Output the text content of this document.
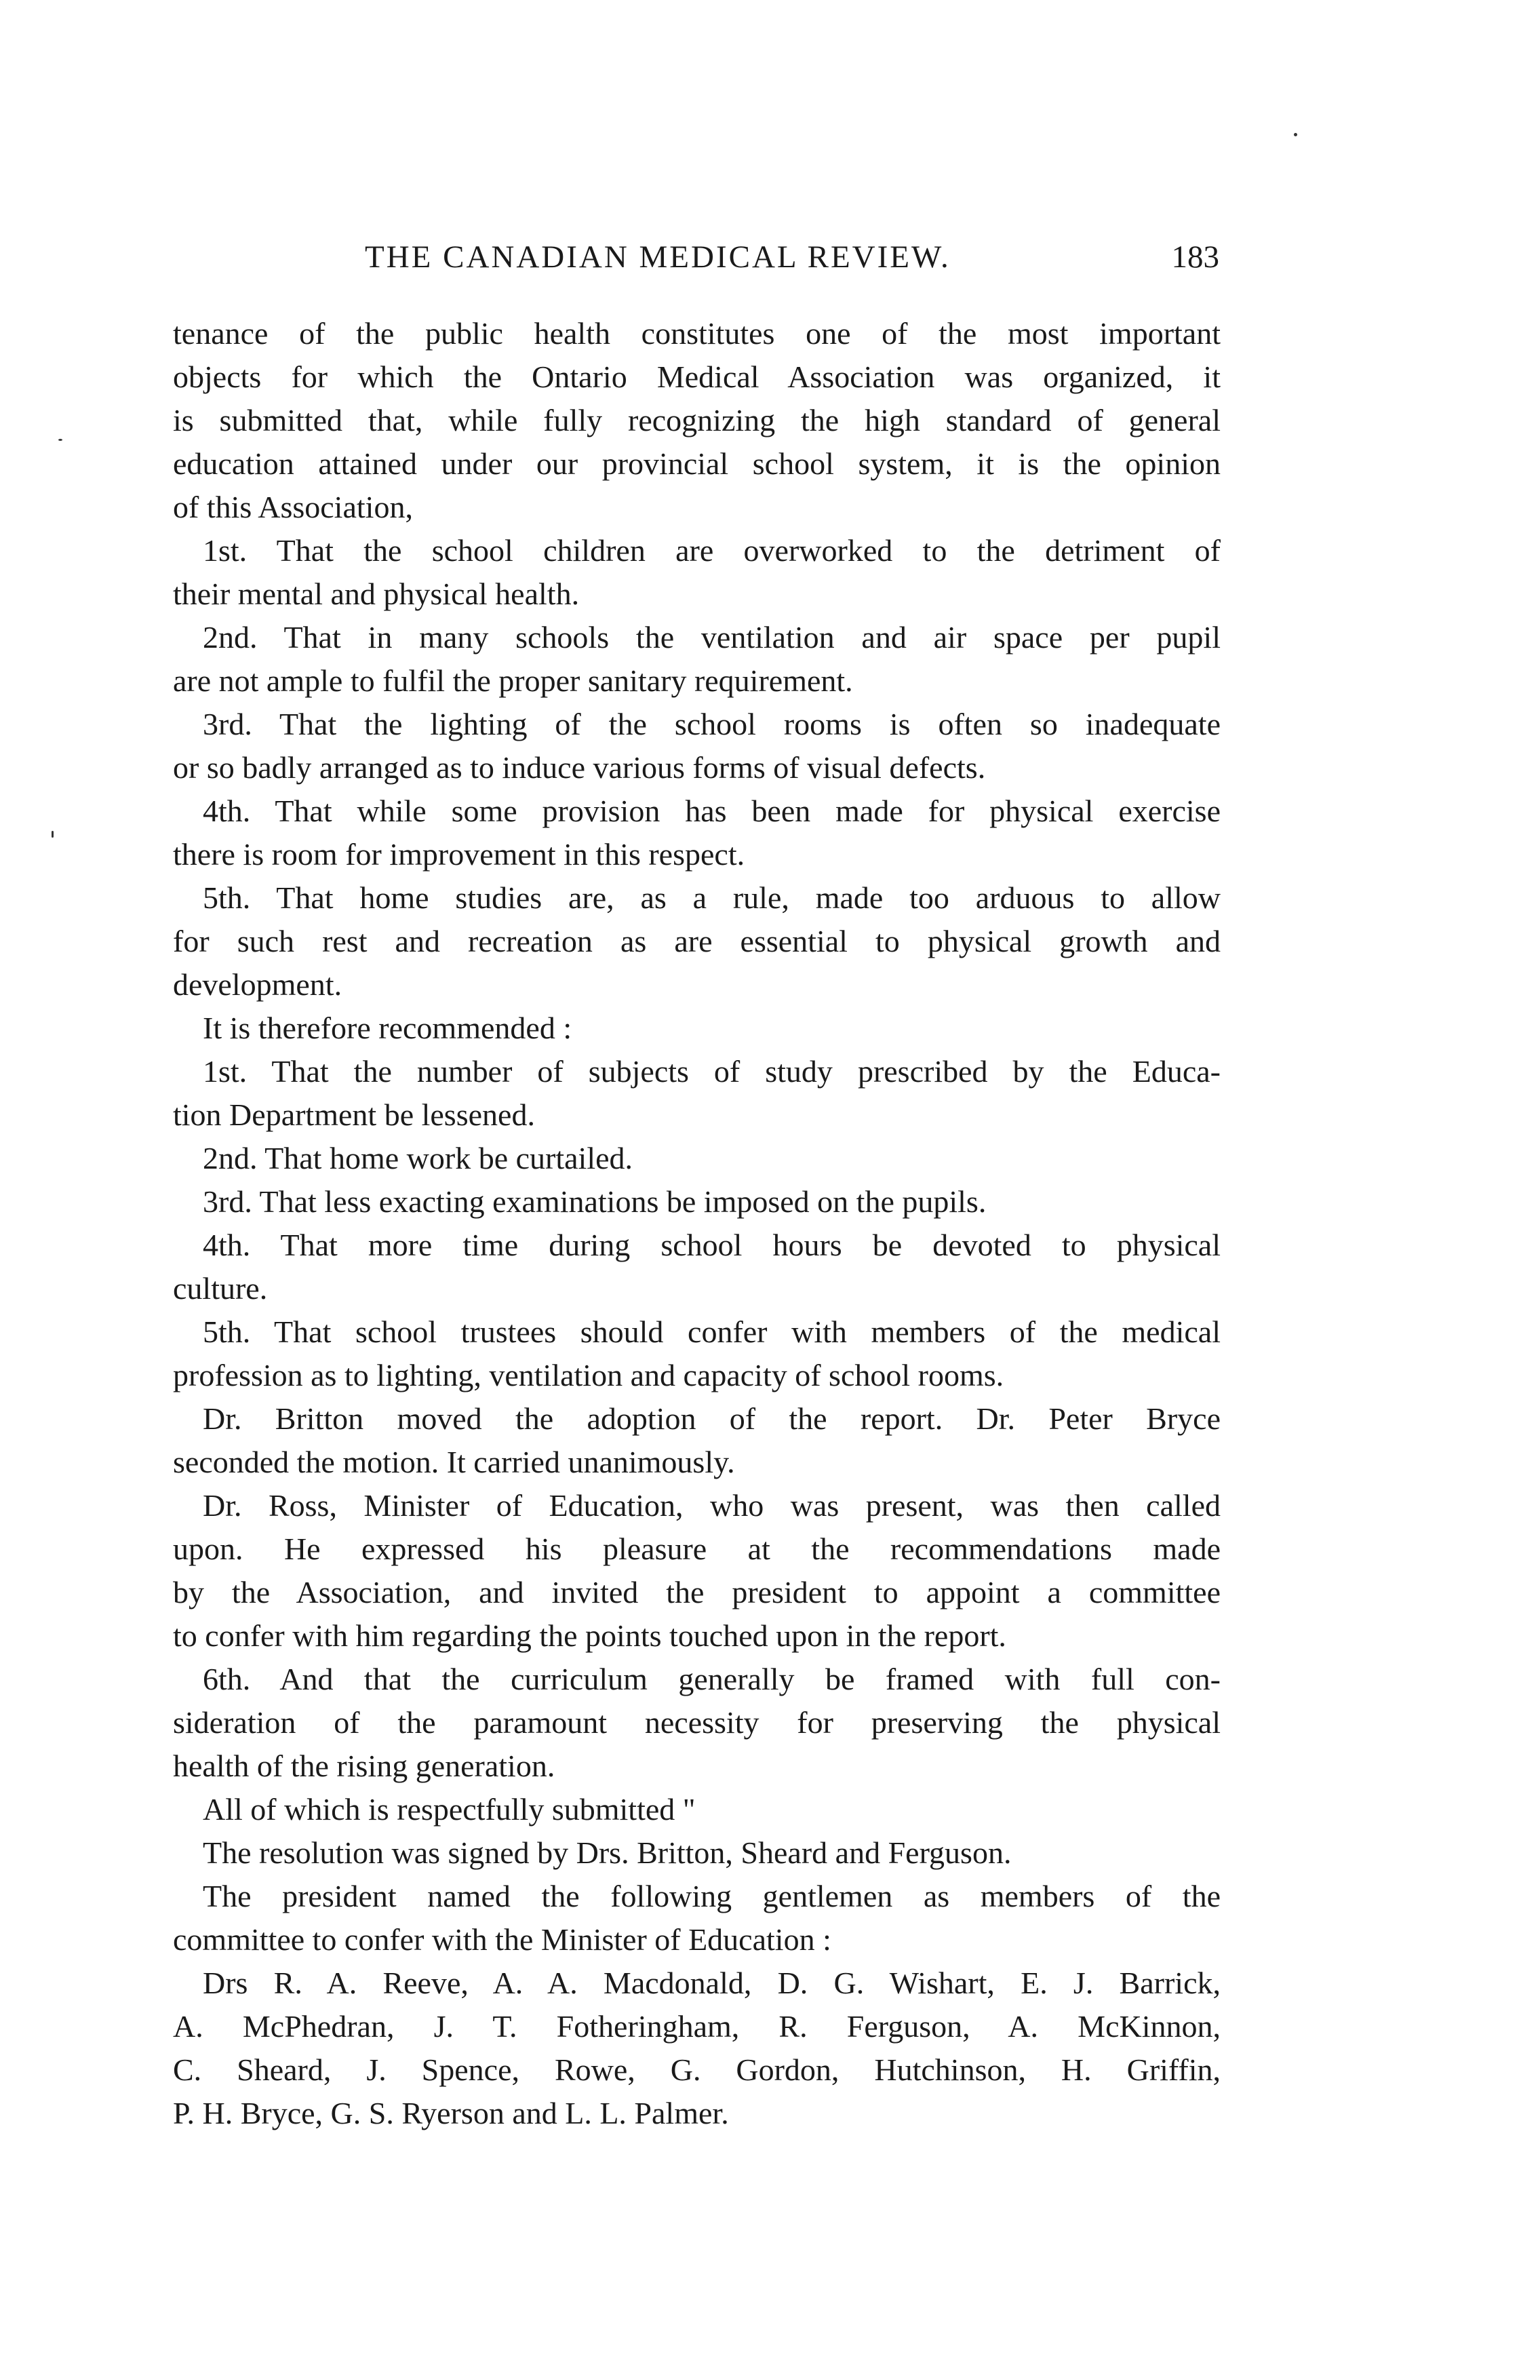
THE CANADIAN MEDICAL REVIEW.	183
tenance of the public health constitutes one of the most important
objects for which the Ontario Medical Association was organized, it
is submitted that, while fully recognizing the high standard of general
education attained under our provincial school system, it is the opinion
of this Association,
1st. That the school children are overworked to the detriment of
their mental and physical health.
2nd. That in many schools the ventilation and air space per pupil
are not ample to fulfil the proper sanitary requirement.
3rd. That the lighting of the school rooms is often so inadequate
or so badly arranged as to induce various forms of visual defects.
4th. That while some provision has been made for physical exercise
there is room for improvement in this respect.
5th. That home studies are, as a rule, made too arduous to allow
for such rest and recreation as are essential to physical growth and
development.
It is therefore recommended :
1st. That the number of subjects of study prescribed by the Educa-
tion Department be lessened.
2nd. That home work be curtailed.
3rd. That less exacting examinations be imposed on the pupils.
4th. That more time during school hours be devoted to physical
culture.
5th. That school trustees should confer with members of the medical
profession as to lighting, ventilation and capacity of school rooms.
Dr. Britton moved the adoption of the report. Dr. Peter Bryce
seconded the motion. It carried unanimously.
Dr. Ross, Minister of Education, who was present, was then called
upon. He expressed his pleasure at the recommendations made
by the Association, and invited the president to appoint a committee
to confer with him regarding the points touched upon in the report.
6th. And that the curriculum generally be framed with full con-
sideration of the paramount necessity for preserving the physical
health of the rising generation.
All of which is respectfully submitted "
The resolution was signed by Drs. Britton, Sheard and Ferguson.
The president named the following gentlemen as members of the
committee to confer with the Minister of Education :
Drs R. A. Reeve, A. A. Macdonald, D. G. Wishart, E. J. Barrick,
A. McPhedran, J. T. Fotheringham, R. Ferguson, A. McKinnon,
C. Sheard, J. Spence, Rowe, G. Gordon, Hutchinson, H. Griffin,
P. H. Bryce, G. S. Ryerson and L. L. Palmer.
